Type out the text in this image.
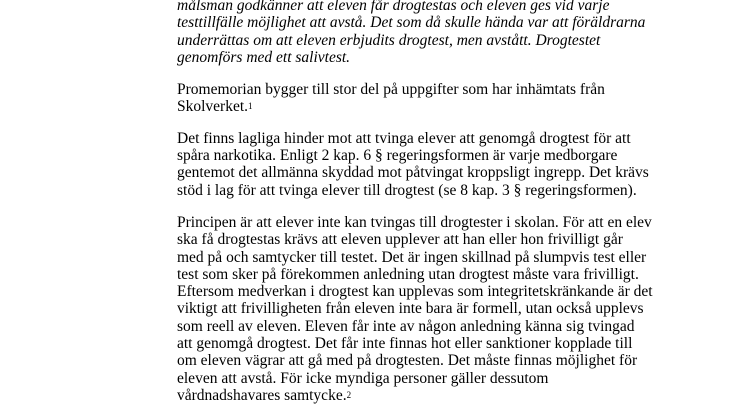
målsman godkänner att eleven får drogtestas och eleven ges vid varje
testtillfälle möjlighet att avstå. Det som då skulle hända var att föräldrarna
underrättas om att eleven erbjudits drogtest, men avstått. Drogtestet
genomförs med ett salivtest.
Promemorian bygger till stor del på uppgifter som har inhämtats från
Skolverket.$^1$
Det finns lagliga hinder mot att tvinga elever att genomgå drogtest för att
spåra narkotika. Enligt 2 kap. 6 § regeringsformen är varje medborgare
gentemot det allmänna skyddad mot påtvingat kroppsligt ingrepp. Det krävs
stöd i lag för att tvinga elever till drogtest (se 8 kap. 3 § regeringsformen).
Principen är att elever inte kan tvingas till drogtester i skolan. För att en elev
ska få drogtestas krävs att eleven upplever att han eller hon frivilligt går
med på och samtycker till testet. Det är ingen skillnad på slumpvis test eller
test som sker på förekommen anledning utan drogtest måste vara frivilligt.
Eftersom medverkan i drogtest kan upplevas som integritetskränkande är det
viktigt att frivilligheten från eleven inte bara är formell, utan också upplevs
som reell av eleven. Eleven får inte av någon anledning känna sig tvingad
att genomgå drogtest. Det får inte finnas hot eller sanktioner kopplade till
om eleven vägrar att gå med på drogtesten. Det måste finnas möjlighet för
eleven att avstå. För icke myndiga personer gäller dessutom
vårdnadshavares samtycke.$^2$
